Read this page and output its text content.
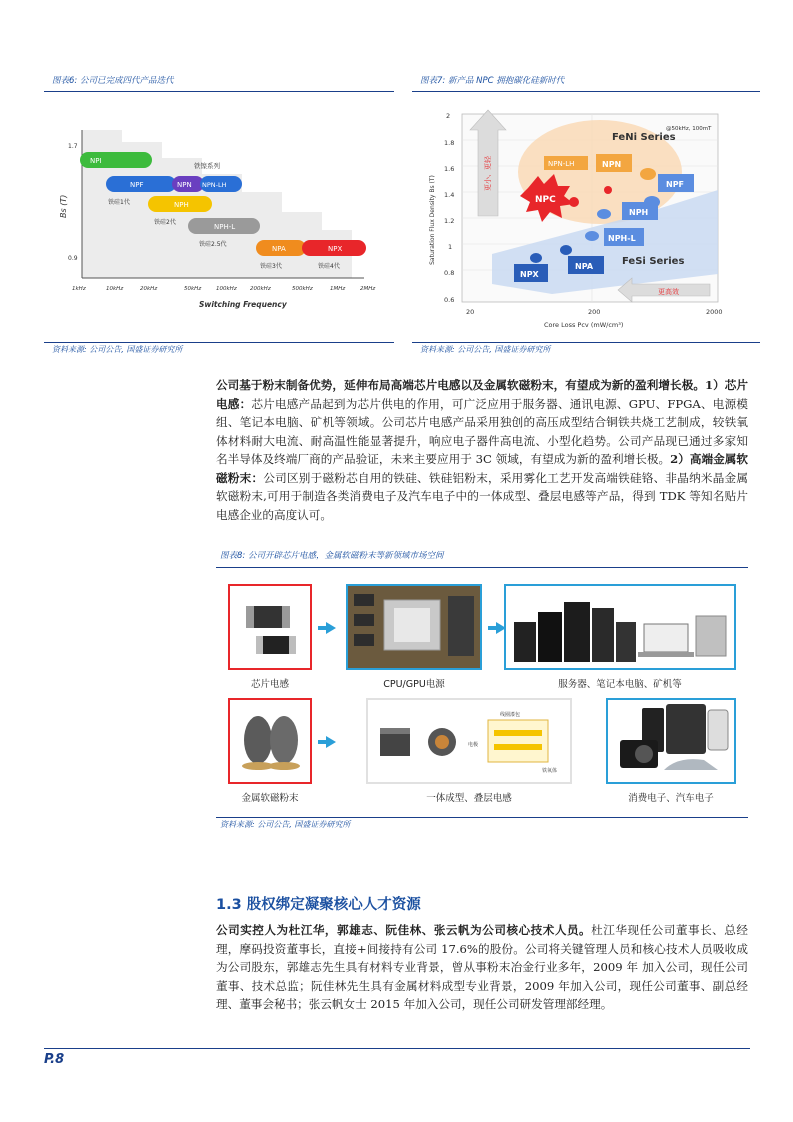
图表6: 公司已完成四代产品迭代	图表7: 新产品 NPC 拥抱碳化硅新时代
Bs (T)
1.7
0.9
1kHz	10kHz	20kHz	50kHz	100kHz 200kHz	500kHz	1MHz	2MHz
Switching Frequency
NPI
铁镍系列
NPF	NPN NPN-LH
铁硅1代	NPH
铁硅2代
NPH-L
铁硅2.5代
NPA
铁硅3代
NPX
铁硅4代
Saturation Flux Density Bs (T)
2
1.8
1.6
1.4
1.2
1
0.8
0.6
20	200	2000
Core Loss Pcv (mW/cm³)
FeNi Series
@50kHz, 100mT
FeSi Series
更小、更轻
更高效
NPN-LH	NPN
NPF
NPC
NPH
NPH-L
NPA
NPX
资料来源: 公司公告, 国盛证券研究所	资料来源: 公司公告, 国盛证券研究所
公司基于粉末制备优势，延伸布局高端芯片电感以及金属软磁粉末，有望成为新的盈利增长极。1）芯片电感：芯片电感产品起到为芯片供电的作用，可广泛应用于服务器、通讯电源、GPU、FPGA、电源模组、笔记本电脑、矿机等领域。公司芯片电感产品采用独创的高压成型结合铜铁共烧工艺制成，较铁氧体材料耐大电流、耐高温性能显著提升，响应电子器件高电流、小型化趋势。公司产品现已通过多家知名半导体及终端厂商的产品验证，未来主要应用于 3C 领域，有望成为新的盈利增长极。2）高端金属软磁粉末：公司区别于磁粉芯自用的铁硅、铁硅铝粉末，采用雾化工艺开发高端铁硅铬、非晶纳米晶金属软磁粉末,可用于制造各类消费电子及汽车电子中的一体成型、叠层电感等产品，得到 TDK 等知名贴片电感企业的高度认可。
图表8: 公司开辟芯片电感，金属软磁粉末等新领域市场空间
芯片电感	CPU/GPU电源	服务器、笔记本电脑、矿机等
线圈漆包
电极
铁氧体
金属软磁粉末	一体成型、叠层电感	消费电子、汽车电子
资料来源: 公司公告, 国盛证券研究所
1.3 股权绑定凝聚核心人才资源
公司实控人为杜江华，郭雄志、阮佳林、张云帆为公司核心技术人员。杜江华现任公司董事长、总经理，摩码投资董事长，直接+间接持有公司 17.6%的股份。公司将关键管理人员和核心技术人员吸收成为公司股东，郭雄志先生具有材料专业背景，曾从事粉末冶金行业多年，2009 年 加入公司，现任公司董事、技术总监；阮佳林先生具有金属材料成型专业背景，2009 年加入公司，现任公司董事、副总经理、董事会秘书；张云帆女士 2015 年加入公司，现任公司研发管理部经理。
P.8
